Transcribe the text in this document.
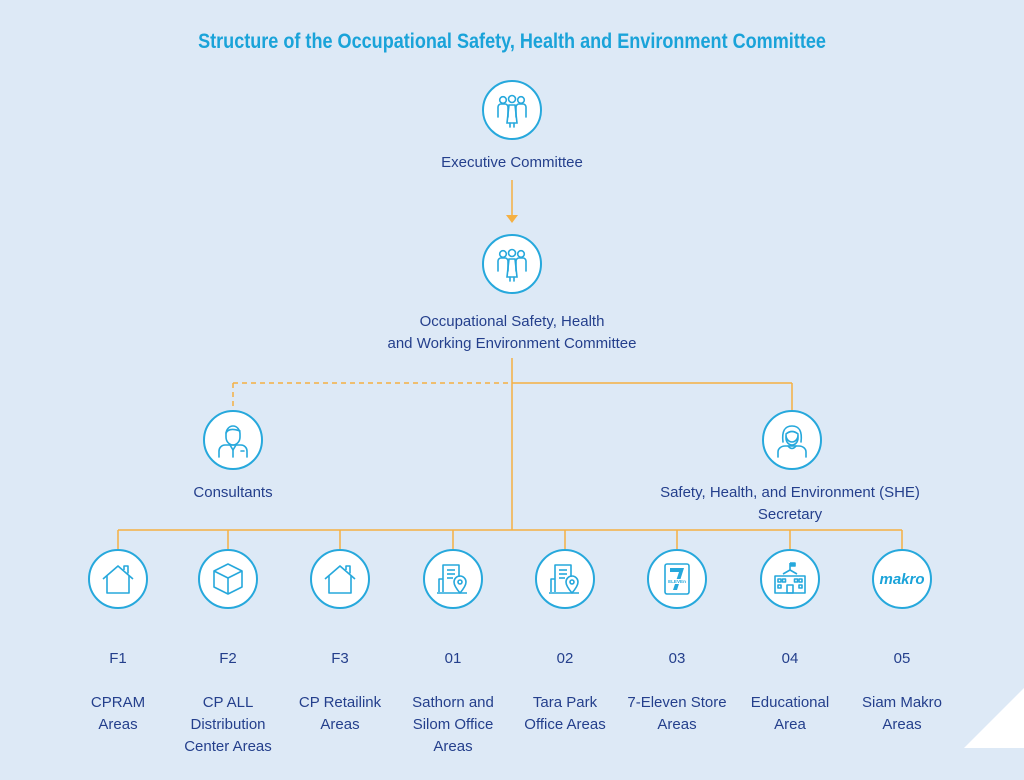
Structure of the Occupational Safety, Health and Environment Committee
Executive Committee
Occupational Safety, Health
and Working Environment Committee
Consultants	Safety, Health, and Environment (SHE)
Secretary

F1

CPRAM
Areas

F2

CP ALL
Distribution
Center Areas

F3

CP Retailink
Areas

01

Sathorn and
Silom Office
Areas

02

Tara Park
Office Areas

ELEVEn

03

7-Eleven Store
Areas

04

Educational
Area

makro

05

Siam Makro
Areas
